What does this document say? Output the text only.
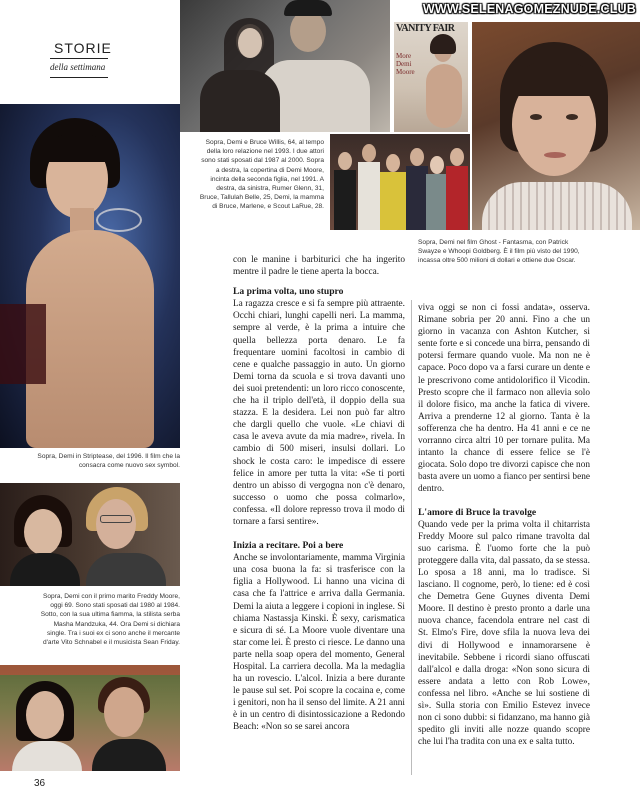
WWW.SELENAGOMEZNUDE.CLUB
STORIE
della settimana
VANITY FAIR
More Demi Moore
Sopra, Demi e Bruce Willis, 64, al tempo della loro relazione nel 1993. I due attori sono stati sposati dal 1987 al 2000. Sopra a destra, la copertina di Demi Moore, incinta della seconda figlia, nel 1991. A destra, da sinistra, Rumer Glenn, 31, Bruce, Tallulah Belle, 25, Demi, la mamma di Bruce, Marlene, e Scout LaRue, 28.
Sopra, Demi nel film Ghost - Fantasma, con Patrick Swayze e Whoopi Goldberg. È il film più visto del 1990, incassa oltre 500 milioni di dollari e ottiene due Oscar.
Sopra, Demi in Striptease, del 1996. Il film che la consacra come nuovo sex symbol.
Sopra, Demi con il primo marito Freddy Moore, oggi 69. Sono stati sposati dal 1980 al 1984. Sotto, con la sua ultima fiamma, la stilista serba Masha Mandzuka, 44. Ora Demi si dichiara single. Tra i suoi ex ci sono anche il mercante d'arte Vito Schnabel e il musicista Sean Friday.

con le manine i barbiturici che ha ingerito mentre il padre le tiene aperta la bocca.

La prima volta, uno stupro

La ragazza cresce e si fa sempre più attraente. Occhi chiari, lunghi capelli neri. La mamma, sempre al verde, è la prima a intuire che quella bellezza porta denaro. Le fa frequentare uomini facoltosi in cambio di cene e qualche passaggio in auto. Un giorno Demi torna da scuola e si trova davanti uno dei suoi pretendenti: un loro ricco conoscente, che ha il triplo dell'età, il doppio della sua stazza. E la desidera. Lei non può far altro che dargli quello che vuole. «Le chiavi di casa le aveva avute da mia madre», rivela. In cambio di 500 miseri, insulsi dollari. Lo shock le costa caro: le impedisce di essere felice in amore per tutta la vita: «Se ti porti dentro un abisso di vergogna non c'è denaro, successo o uomo che possa colmarlo», confessa. «Il dolore represso trova il modo di tornare a farsi sentire».

Inizia a recitare. Poi a bere

Anche se involontariamente, mamma Virginia una cosa buona la fa: si trasferisce con la figlia a Hollywood. Li hanno una vicina di casa che fa l'attrice e arriva dalla Germania. Demi la aiuta a leggere i copioni in inglese. Si chiama Nastassja Kinski. È sexy, carismatica e sicura di sé. La Moore vuole diventare una star come lei. È presto ci riesce. Le danno una parte nella soap opera del momento, General Hospital. La carriera decolla. Ma la medaglia ha un rovescio. L'alcol. Inizia a bere durante le pause sul set. Poi scopre la cocaina e, come i genitori, non ha il senso del limite. A 21 anni è in un centro di disintossicazione a Redondo Beach: «Non so se sarei ancora

viva oggi se non ci fossi andata», osserva. Rimane sobria per 20 anni. Fino a che un giorno in vacanza con Ashton Kutcher, si sente forte e si concede una birra, pensando di potersi fermare quando vuole. Ma non ne è capace. Poco dopo va a farsi curare un dente e le prescrivono come antidolorifico il Vicodin. Presto scopre che il farmaco non allevia solo il dolore fisico, ma anche la fatica di vivere. Arriva a prenderne 12 al giorno. Tanta è la sofferenza che ha dentro. Ha 41 anni e ce ne vorranno circa altri 10 per tornare pulita. Ma intanto la chance di essere felice se l'è giocata. Solo dopo tre divorzi capisce che non basta avere un uomo a fianco per sentirsi bene dentro.

L'amore di Bruce la travolge

Quando vede per la prima volta il chitarrista Freddy Moore sul palco rimane travolta dal suo carisma. È l'uomo forte che la può proteggere dalla vita, dal passato, da se stessa. Lo sposa a 18 anni, ma lo tradisce. Si lasciano. Il cognome, però, lo tiene: ed è così che Demetra Gene Guynes diventa Demi Moore. Il destino è presto pronto a darle una nuova chance, facendola entrare nel cast di St. Elmo's Fire, dove sfila la nuova leva dei divi di Hollywood e innamorarsene è inevitabile. Sebbene i ricordi siano offuscati dall'alcol e dalla droga: «Non sono sicura di essere andata a letto con Rob Lowe», confessa nel libro. «Anche se lui sostiene di sì». Sulla storia con Emilio Estevez invece non ci sono dubbi: si fidanzano, ma hanno già spedito gli inviti alle nozze quando scopre che lui l'ha tradita con una ex e salta tutto.

36
